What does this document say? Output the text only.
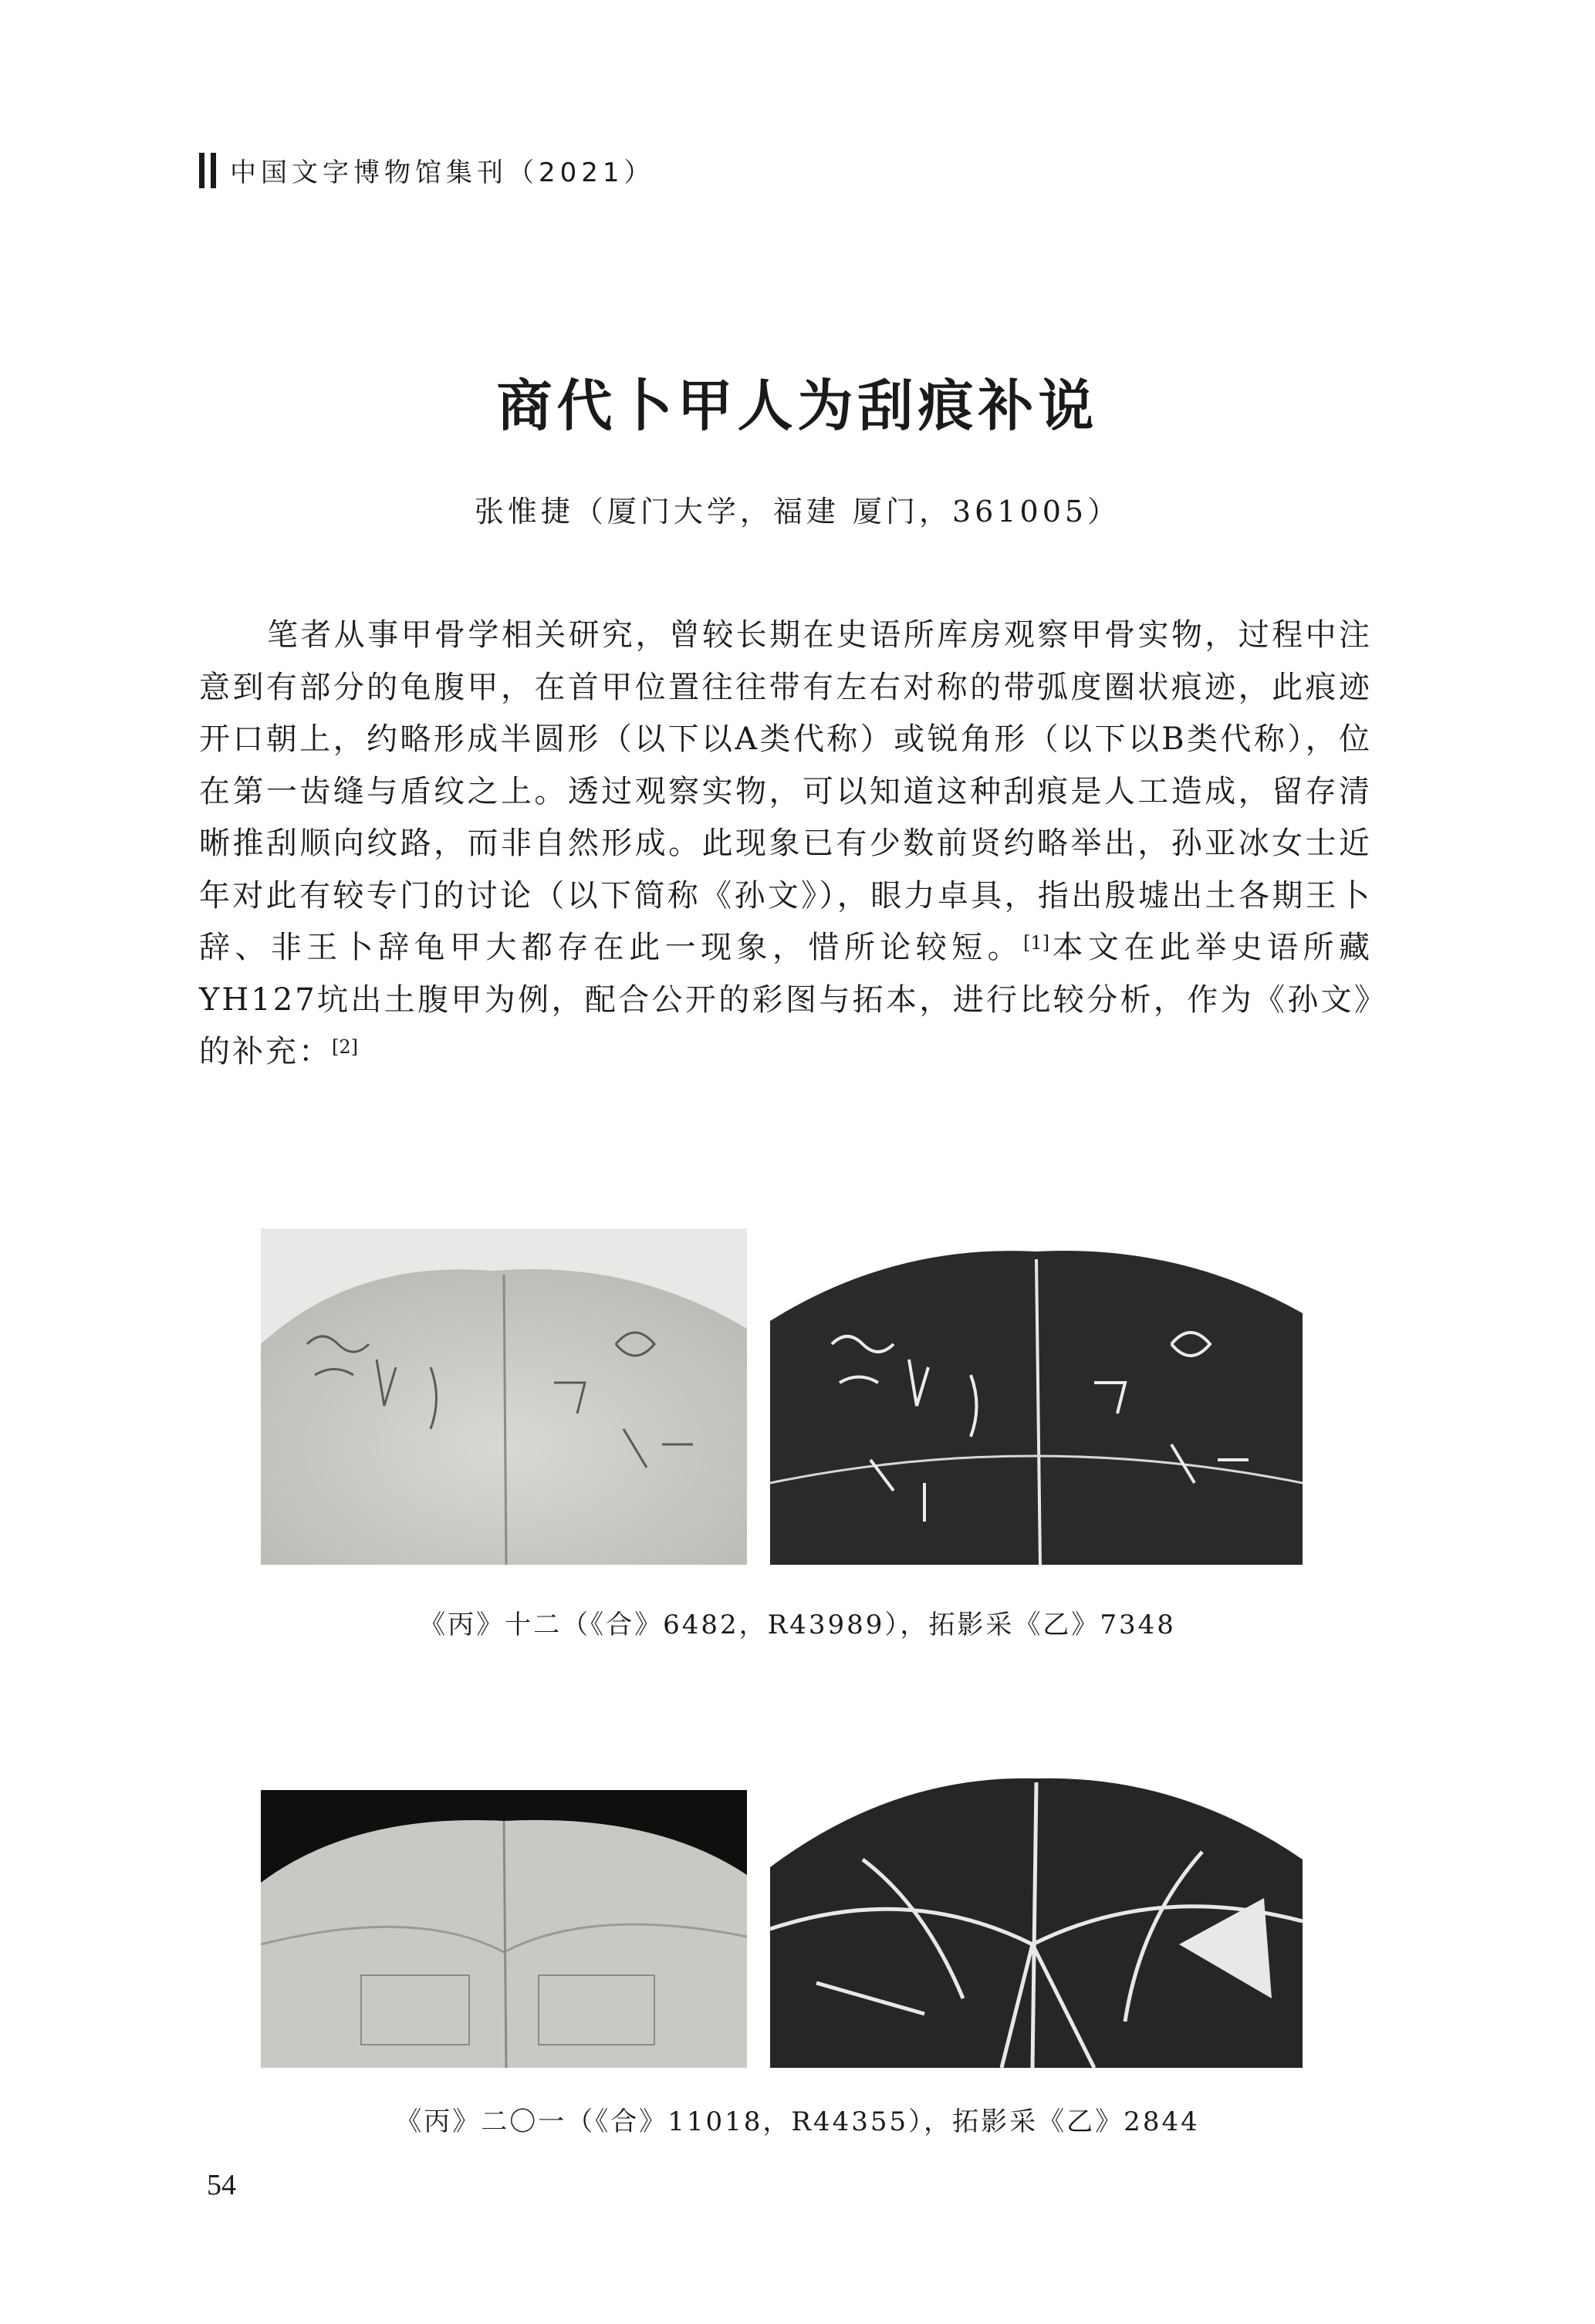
中国文字博物馆集刊（2021）
商代卜甲人为刮痕补说
张惟捷（厦门大学，福建 厦门，361005）

笔者从事甲骨学相关研究，曾较长期在史语所库房观察甲骨实物，过程中注意到有部分的龟腹甲，在首甲位置往往带有左右对称的带弧度圈状痕迹，此痕迹开口朝上，约略形成半圆形（以下以A类代称）或锐角形（以下以B类代称），位在第一齿缝与盾纹之上。透过观察实物，可以知道这种刮痕是人工造成，留存清晰推刮顺向纹路，而非自然形成。此现象已有少数前贤约略举出，孙亚冰女士近年对此有较专门的讨论（以下简称《孙文》），眼力卓具，指出殷墟出土各期王卜辞、非王卜辞龟甲大都存在此一现象，惜所论较短。[1]本文在此举史语所藏YH127坑出土腹甲为例，配合公开的彩图与拓本，进行比较分析，作为《孙文》的补充：[2]

《丙》十二（《合》6482，R43989），拓影采《乙》7348
《丙》二〇一（《合》11018，R44355），拓影采《乙》2844
54
